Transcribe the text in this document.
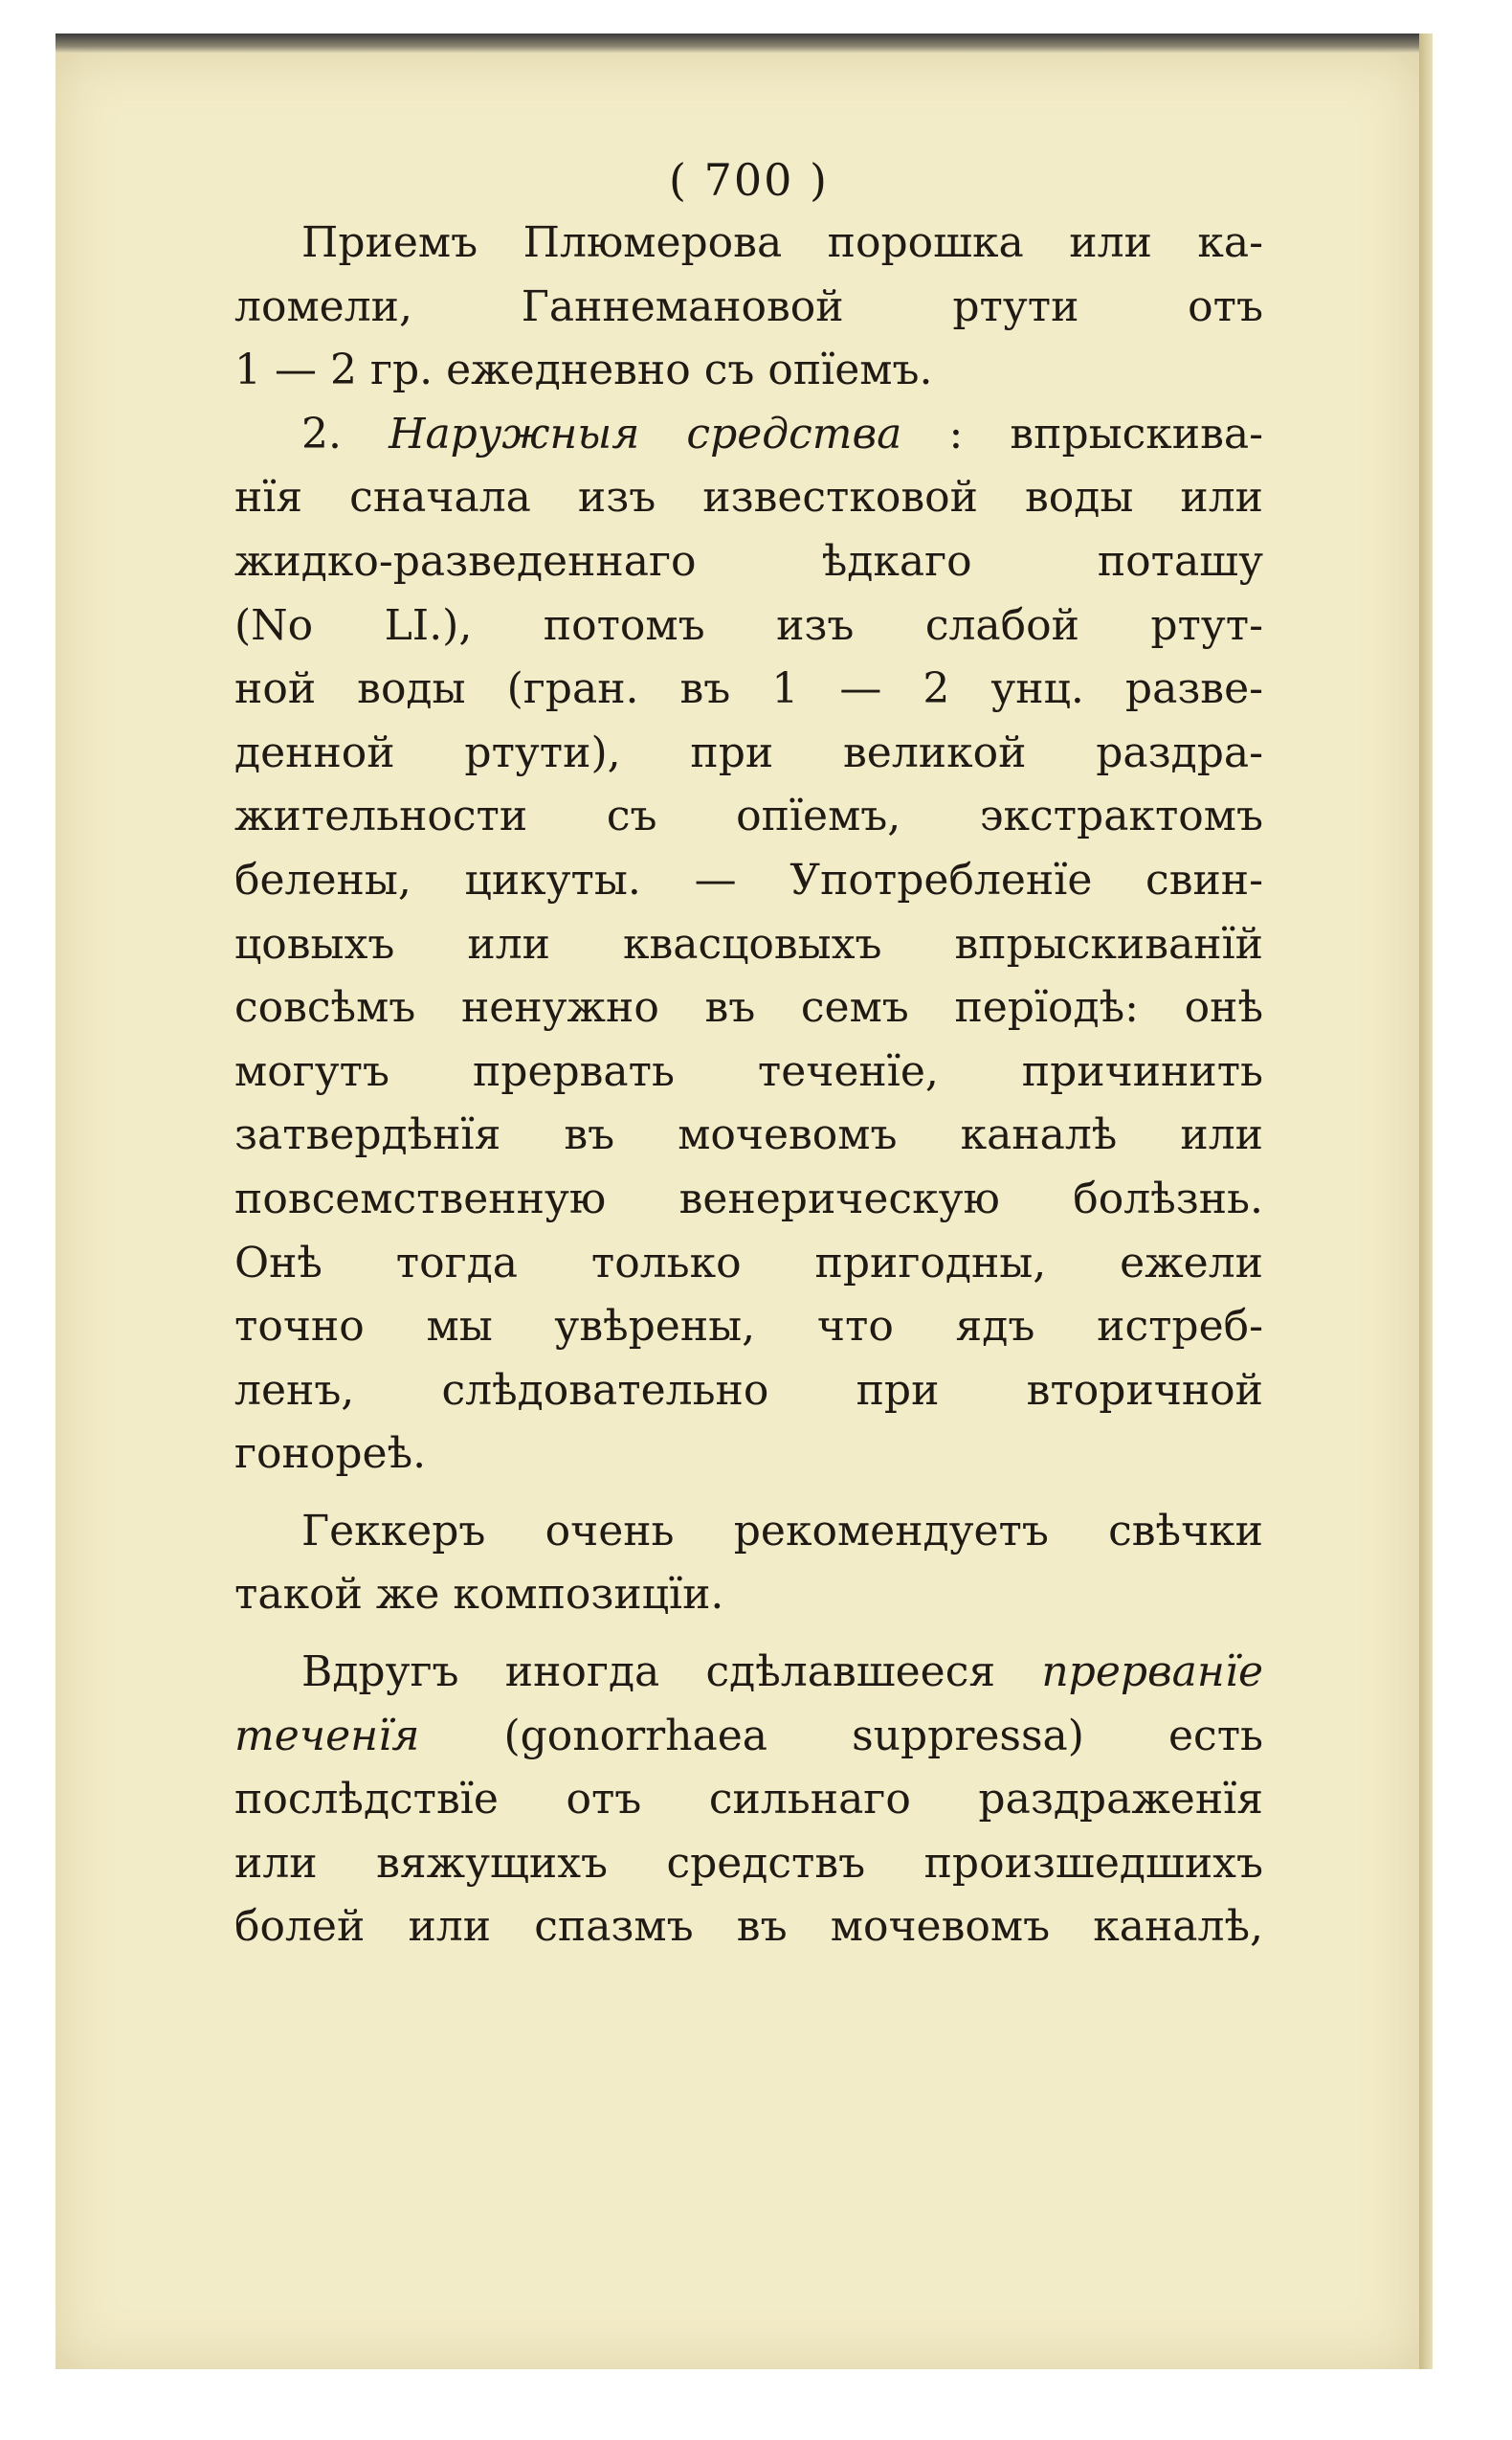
( 700 )
Приемъ Плюмерова порошка или ка-
ломели, Ганнемановой ртути отъ
1 — 2 гр. ежедневно съ опїемъ.
2. Наружныя средства : впрыскива-
нїя сначала изъ известковой воды или
жидко-разведеннаго ѣдкаго поташу
(No LI.), потомъ изъ слабой ртут-
ной воды (гран. въ 1 — 2 унц. разве-
денной ртути), при великой раздра-
жительности съ опїемъ, экстрактомъ
белены, цикуты. — Употребленїе свин-
цовыхъ или квасцовыхъ впрыскиванїй
совсѣмъ ненужно въ семъ перїодѣ: онѣ
могутъ прервать теченїе, причинить
затвердѣнїя въ мочевомъ каналѣ или
повсемственную венерическую болѣзнь.
Онѣ тогда только пригодны, ежели
точно мы увѣрены, что ядъ истреб-
ленъ, слѣдовательно при вторичной
гонореѣ.
Геккеръ очень рекомендуетъ свѣчки
такой же композицїи.
Вдругъ иногда сдѣлавшееся прерванїе
теченїя (gonorrhaea suppressa) есть
послѣдствїе отъ сильнаго раздраженїя
или вяжущихъ средствъ произшедшихъ
болей или спазмъ въ мочевомъ каналѣ,
